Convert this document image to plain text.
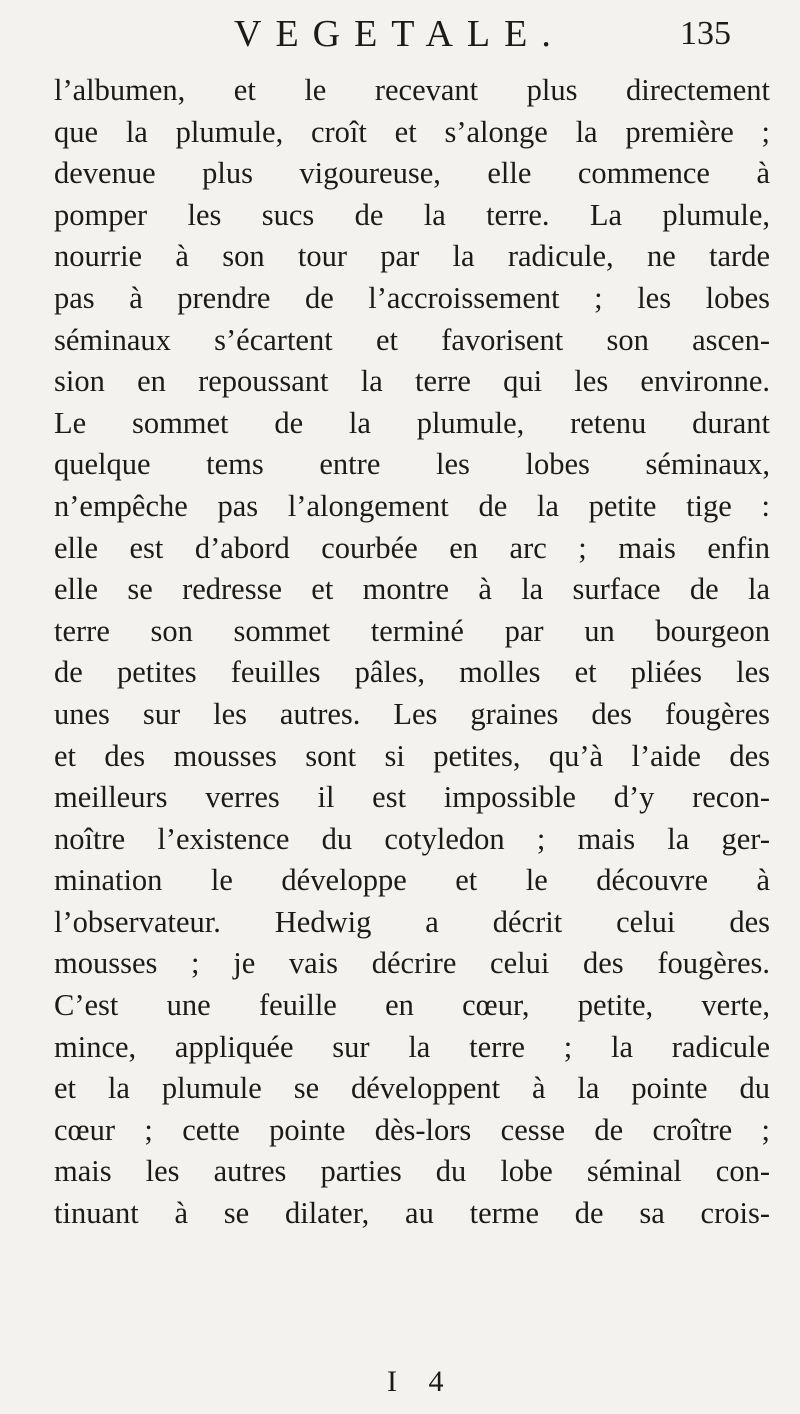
VEGETALE.	135
l’albumen, et le recevant plus directement
que la plumule, croît et s’alonge la première ;
devenue plus vigoureuse, elle commence à
pomper les sucs de la terre. La plumule,
nourrie à son tour par la radicule, ne tarde
pas à prendre de l’accroissement ; les lobes
séminaux s’écartent et favorisent son ascen-
sion en repoussant la terre qui les environne.
Le sommet de la plumule, retenu durant
quelque tems entre les lobes séminaux,
n’empêche pas l’alongement de la petite tige :
elle est d’abord courbée en arc ; mais enfin
elle se redresse et montre à la surface de la
terre son sommet terminé par un bourgeon
de petites feuilles pâles, molles et pliées les
unes sur les autres. Les graines des fougères
et des mousses sont si petites, qu’à l’aide des
meilleurs verres il est impossible d’y recon-
noître l’existence du cotyledon ; mais la ger-
mination le développe et le découvre à
l’observateur. Hedwig a décrit celui des
mousses ; je vais décrire celui des fougères.
C’est une feuille en cœur, petite, verte,
mince, appliquée sur la terre ; la radicule
et la plumule se développent à la pointe du
cœur ; cette pointe dès-lors cesse de croître ;
mais les autres parties du lobe séminal con-
tinuant à se dilater, au terme de sa crois-
I 4
